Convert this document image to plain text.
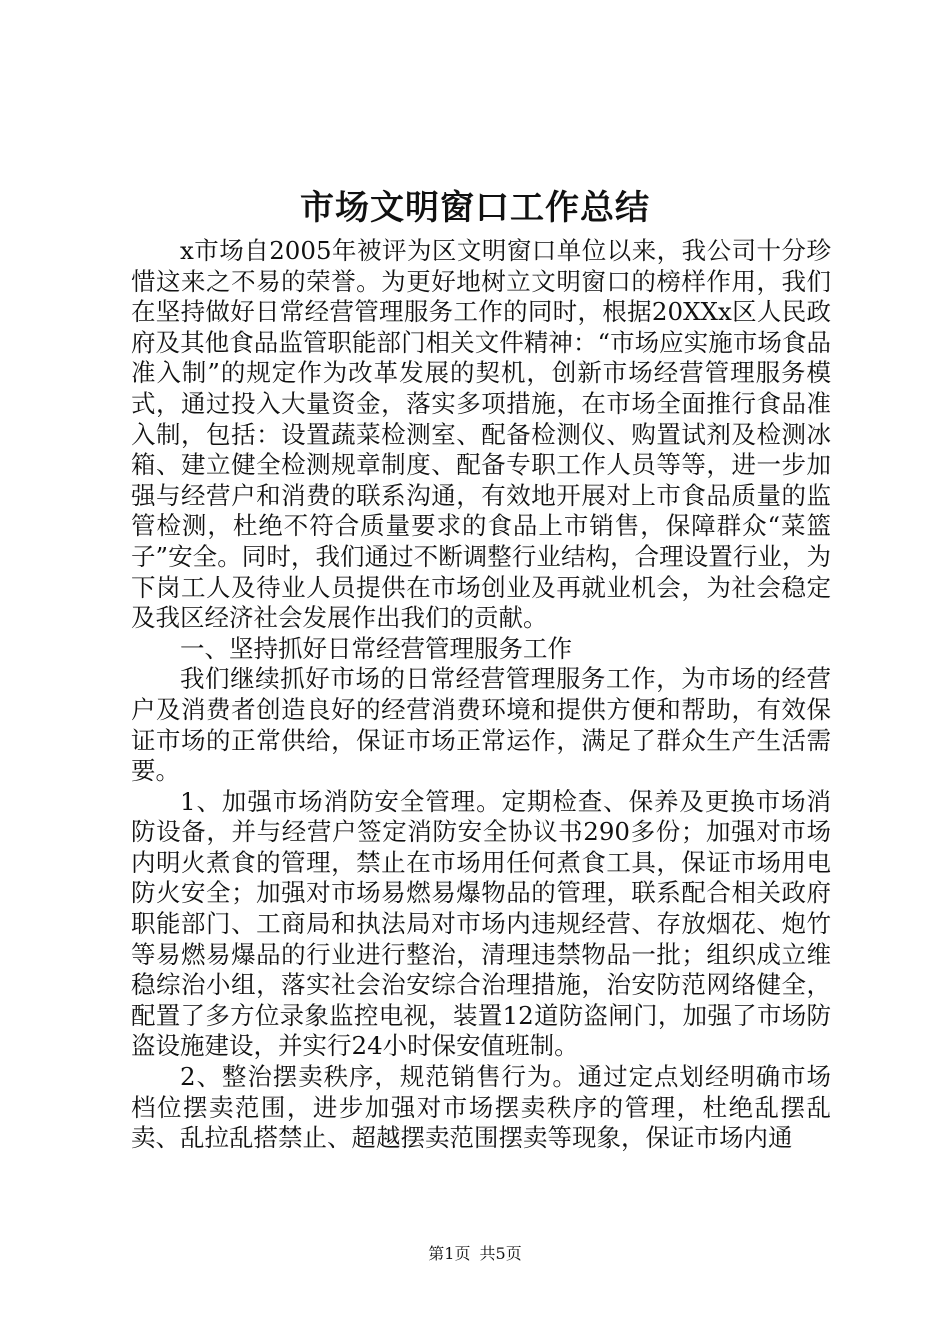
市场文明窗口工作总结

x市场自2005年被评为区文明窗口单位以来，我公司十分珍惜这来之不易的荣誉。为更好地树立文明窗口的榜样作用，我们在坚持做好日常经营管理服务工作的同时，根据20XXx区人民政府及其他食品监管职能部门相关文件精神：“市场应实施市场食品准入制”的规定作为改革发展的契机，创新市场经营管理服务模式，通过投入大量资金，落实多项措施，在市场全面推行食品准入制，包括：设置蔬菜检测室、配备检测仪、购置试剂及检测冰箱、建立健全检测规章制度、配备专职工作人员等等，进一步加强与经营户和消费的联系沟通，有效地开展对上市食品质量的监管检测，杜绝不符合质量要求的食品上市销售，保障群众“菜篮子”安全。同时，我们通过不断调整行业结构，合理设置行业，为下岗工人及待业人员提供在市场创业及再就业机会，为社会稳定及我区经济社会发展作出我们的贡献。

一、坚持抓好日常经营管理服务工作

我们继续抓好市场的日常经营管理服务工作，为市场的经营户及消费者创造良好的经营消费环境和提供方便和帮助，有效保证市场的正常供给，保证市场正常运作，满足了群众生产生活需要。

1、加强市场消防安全管理。定期检查、保养及更换市场消防设备，并与经营户签定消防安全协议书290多份；加强对市场内明火煮食的管理，禁止在市场用任何煮食工具，保证市场用电防火安全；加强对市场易燃易爆物品的管理，联系配合相关政府职能部门、工商局和执法局对市场内违规经营、存放烟花、炮竹等易燃易爆品的行业进行整治，清理违禁物品一批；组织成立维稳综治小组，落实社会治安综合治理措施，治安防范网络健全，配置了多方位录象监控电视，装置12道防盗闸门，加强了市场防盗设施建设，并实行24小时保安值班制。

2、整治摆卖秩序，规范销售行为。通过定点划经明确市场档位摆卖范围，进步加强对市场摆卖秩序的管理，杜绝乱摆乱卖、乱拉乱搭禁止、超越摆卖范围摆卖等现象，保证市场内通

第1页 共5页
